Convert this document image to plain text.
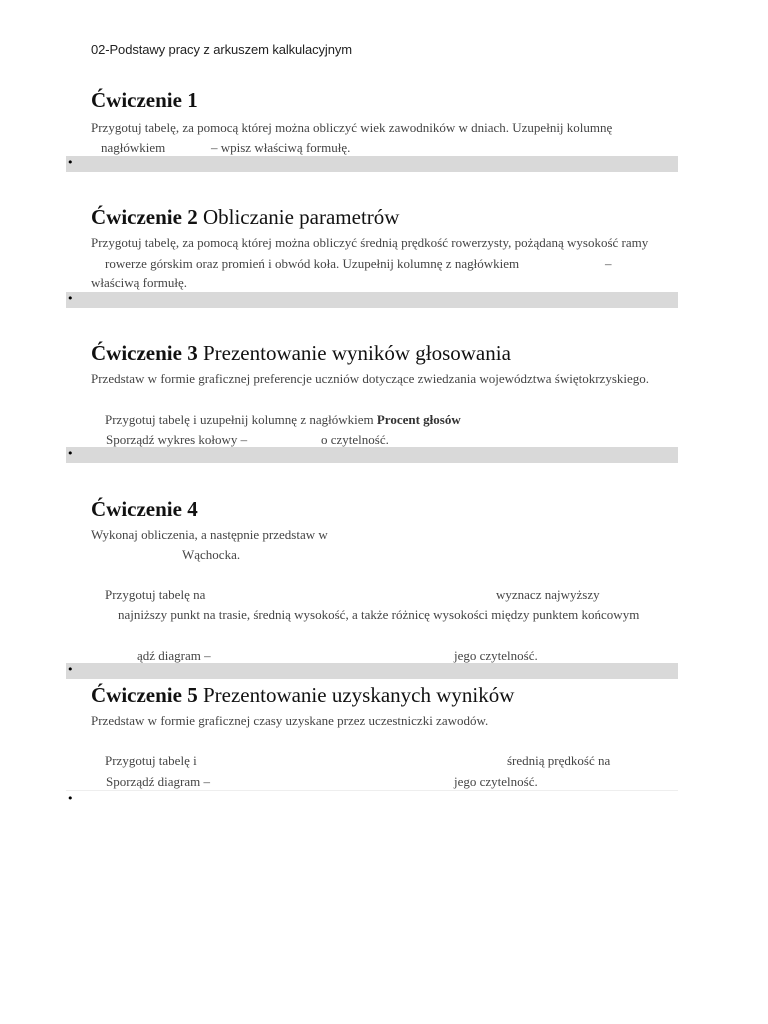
02-Podstawy pracy z arkuszem kalkulacyjnym
Ćwiczenie 1
Przygotuj tabelę, za pomocą której można obliczyć wiek zawodników w dniach. Uzupełnij kolumnę
nagłówkiem	– wpisz właściwą formułę.
•
Ćwiczenie 2 Obliczanie parametrów
Przygotuj tabelę, za pomocą której można obliczyć średnią prędkość rowerzysty, pożądaną wysokość ramy
rowerze górskim oraz promień i obwód koła. Uzupełnij kolumnę z nagłówkiem	–
właściwą formułę.
•
Ćwiczenie 3 Prezentowanie wyników głosowania
Przedstaw w formie graficznej preferencje uczniów dotyczące zwiedzania województwa świętokrzyskiego.
Przygotuj tabelę i uzupełnij kolumnę z nagłówkiem Procent głosów
Sporządź wykres kołowy –	o czytelność.
•
Ćwiczenie 4
Wykonaj obliczenia, a następnie przedstaw w
Wąchocka.
Przygotuj tabelę na	wyznacz najwyższy
najniższy punkt na trasie, średnią wysokość, a także różnicę wysokości między punktem końcowym
ądź diagram –	jego czytelność.
•
Ćwiczenie 5 Prezentowanie uzyskanych wyników
Przedstaw w formie graficznej czasy uzyskane przez uczestniczki zawodów.
Przygotuj tabelę i	średnią prędkość na
Sporządź diagram –	jego czytelność.
•
